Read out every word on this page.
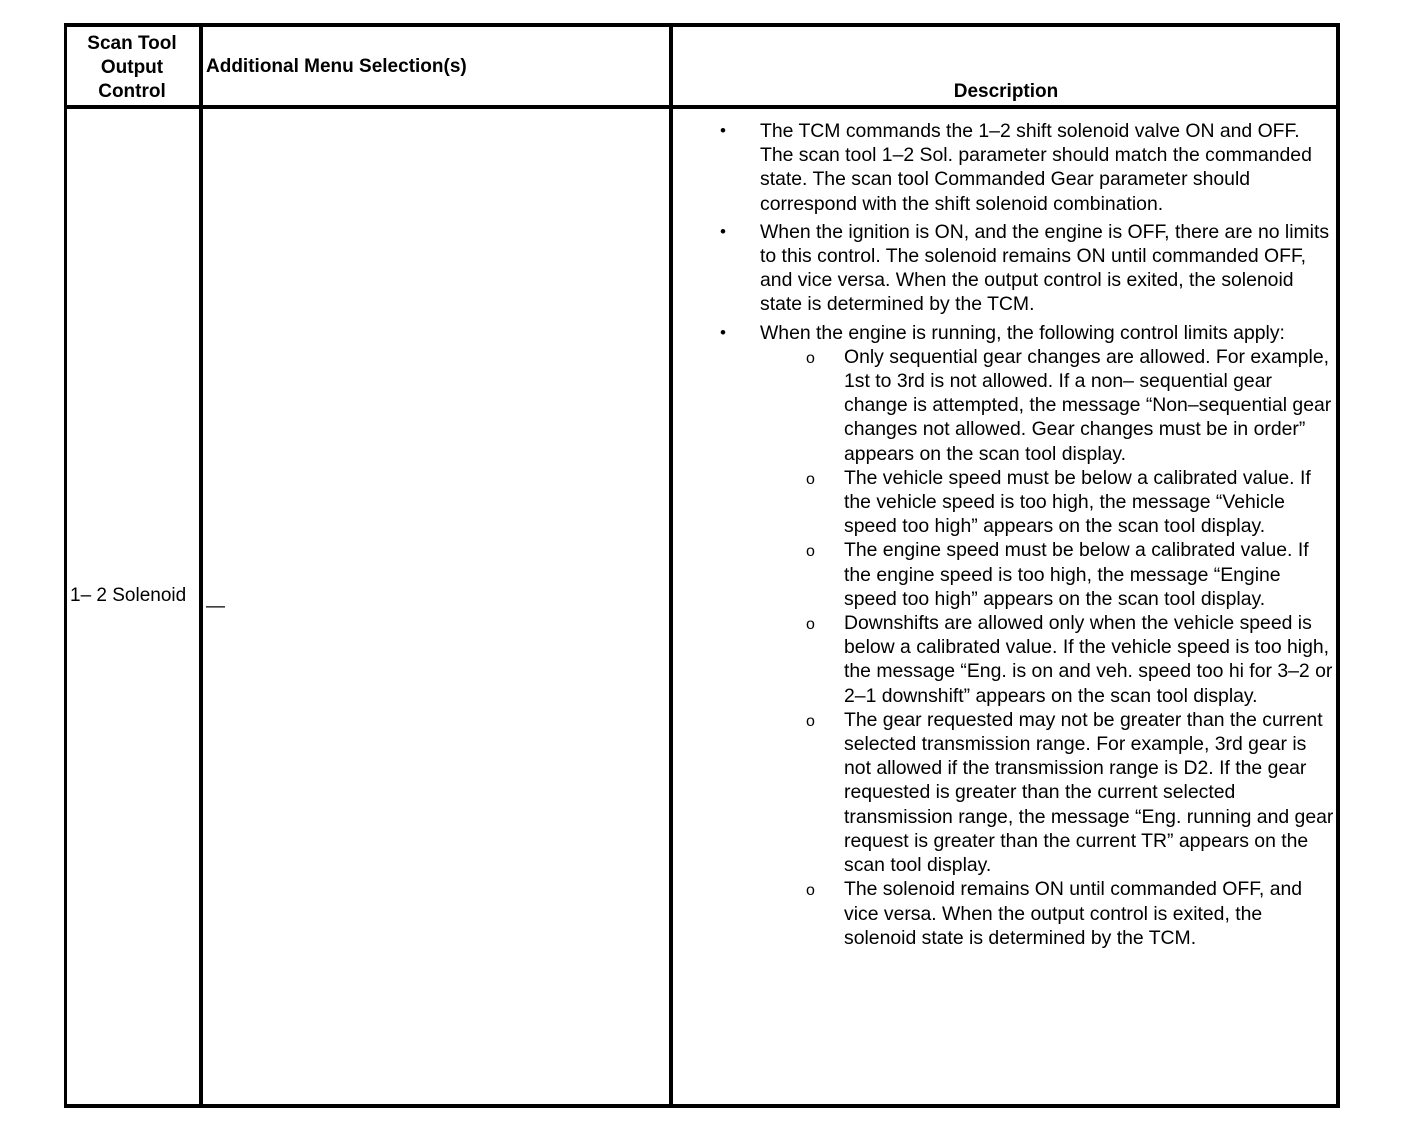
Scan Tool Output Control
Additional Menu Selection(s)
Description
1– 2 Solenoid
—
• The TCM commands the 1–2 shift solenoid valve ON and OFF. The scan tool 1–2 Sol. parameter should match the commanded state. The scan tool Commanded Gear parameter should correspond with the shift solenoid combination.
• When the ignition is ON, and the engine is OFF, there are no limits to this control. The solenoid remains ON until commanded OFF, and vice versa. When the output control is exited, the solenoid state is determined by the TCM.
• When the engine is running, the following control limits apply:
o Only sequential gear changes are allowed. For example, 1st to 3rd is not allowed. If a non– sequential gear change is attempted, the message “Non–sequential gear changes not allowed. Gear changes must be in order” appears on the scan tool display.
o The vehicle speed must be below a calibrated value. If the vehicle speed is too high, the message “Vehicle speed too high” appears on the scan tool display.
o The engine speed must be below a calibrated value. If the engine speed is too high, the message “Engine speed too high” appears on the scan tool display.
o Downshifts are allowed only when the vehicle speed is below a calibrated value. If the vehicle speed is too high, the message “Eng. is on and veh. speed too hi for 3–2 or 2–1 downshift” appears on the scan tool display.
o The gear requested may not be greater than the current selected transmission range. For example, 3rd gear is not allowed if the transmission range is D2. If the gear requested is greater than the current selected transmission range, the message “Eng. running and gear request is greater than the current TR” appears on the scan tool display.
o The solenoid remains ON until commanded OFF, and vice versa. When the output control is exited, the solenoid state is determined by the TCM.
